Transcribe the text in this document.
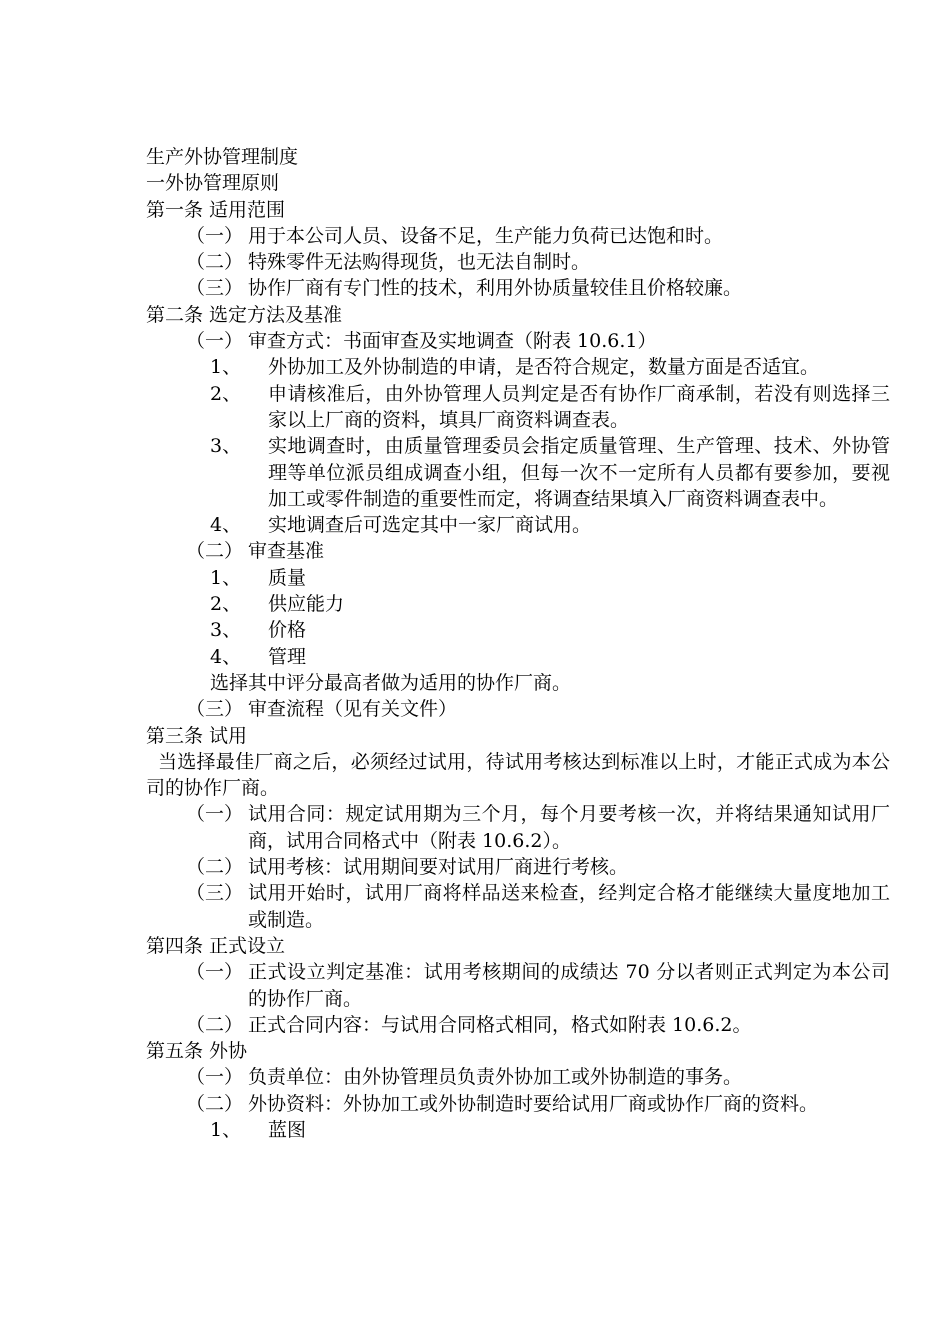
生产外协管理制度
一外协管理原则
第一条 适用范围
（一） 用于本公司人员、设备不足，生产能力负荷已达饱和时。
（二） 特殊零件无法购得现货，也无法自制时。
（三） 协作厂商有专门性的技术，利用外协质量较佳且价格较廉。
第二条 选定方法及基准
（一） 审查方式：书面审查及实地调查（附表 10.6.1）
1、	外协加工及外协制造的申请，是否符合规定，数量方面是否适宜。
2、	申请核准后，由外协管理人员判定是否有协作厂商承制，若没有则选择三家以上厂商的资料，填具厂商资料调查表。
3、	实地调查时，由质量管理委员会指定质量管理、生产管理、技术、外协管理等单位派员组成调查小组，但每一次不一定所有人员都有要参加，要视加工或零件制造的重要性而定，将调查结果填入厂商资料调查表中。
4、	实地调查后可选定其中一家厂商试用。
（二） 审查基准
1、	质量
2、	供应能力
3、	价格
4、	管理
选择其中评分最高者做为适用的协作厂商。
（三） 审查流程（见有关文件）
第三条 试用
当选择最佳厂商之后，必须经过试用，待试用考核达到标准以上时，才能正式成为本公司的协作厂商。
（一） 试用合同：规定试用期为三个月，每个月要考核一次，并将结果通知试用厂商，试用合同格式中（附表 10.6.2）。
（二） 试用考核：试用期间要对试用厂商进行考核。
（三） 试用开始时，试用厂商将样品送来检查，经判定合格才能继续大量度地加工或制造。
第四条 正式设立
（一） 正式设立判定基准：试用考核期间的成绩达 70 分以者则正式判定为本公司的协作厂商。
（二） 正式合同内容：与试用合同格式相同，格式如附表 10.6.2。
第五条 外协
（一） 负责单位：由外协管理员负责外协加工或外协制造的事务。
（二） 外协资料：外协加工或外协制造时要给试用厂商或协作厂商的资料。
1、	蓝图
